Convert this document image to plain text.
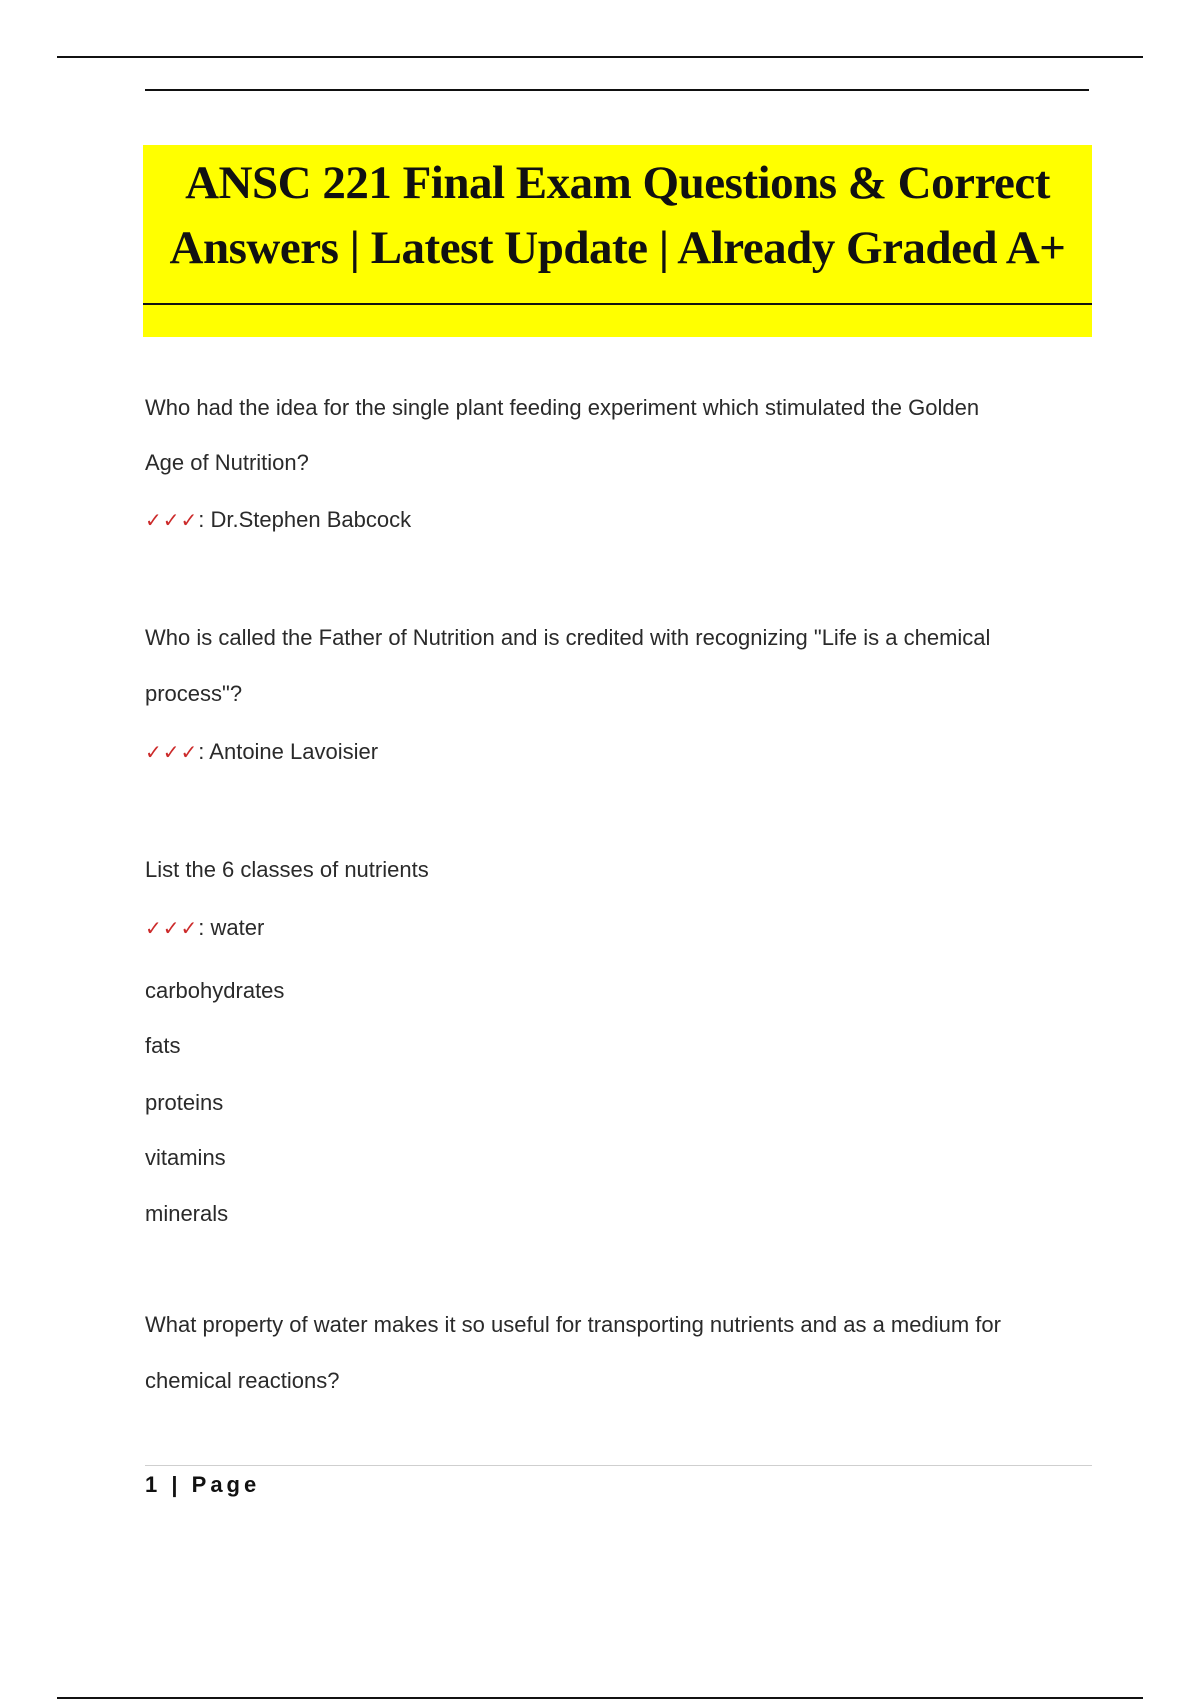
ANSC 221 Final Exam Questions & Correct
Answers | Latest Update | Already Graded A+
Who had the idea for the single plant feeding experiment which stimulated the Golden
Age of Nutrition?
✓✓✓: Dr.Stephen Babcock
Who is called the Father of Nutrition and is credited with recognizing "Life is a chemical
process"?
✓✓✓: Antoine Lavoisier
List the 6 classes of nutrients
✓✓✓: water
carbohydrates
fats
proteins
vitamins
minerals
What property of water makes it so useful for transporting nutrients and as a medium for
chemical reactions?
1 | Page
